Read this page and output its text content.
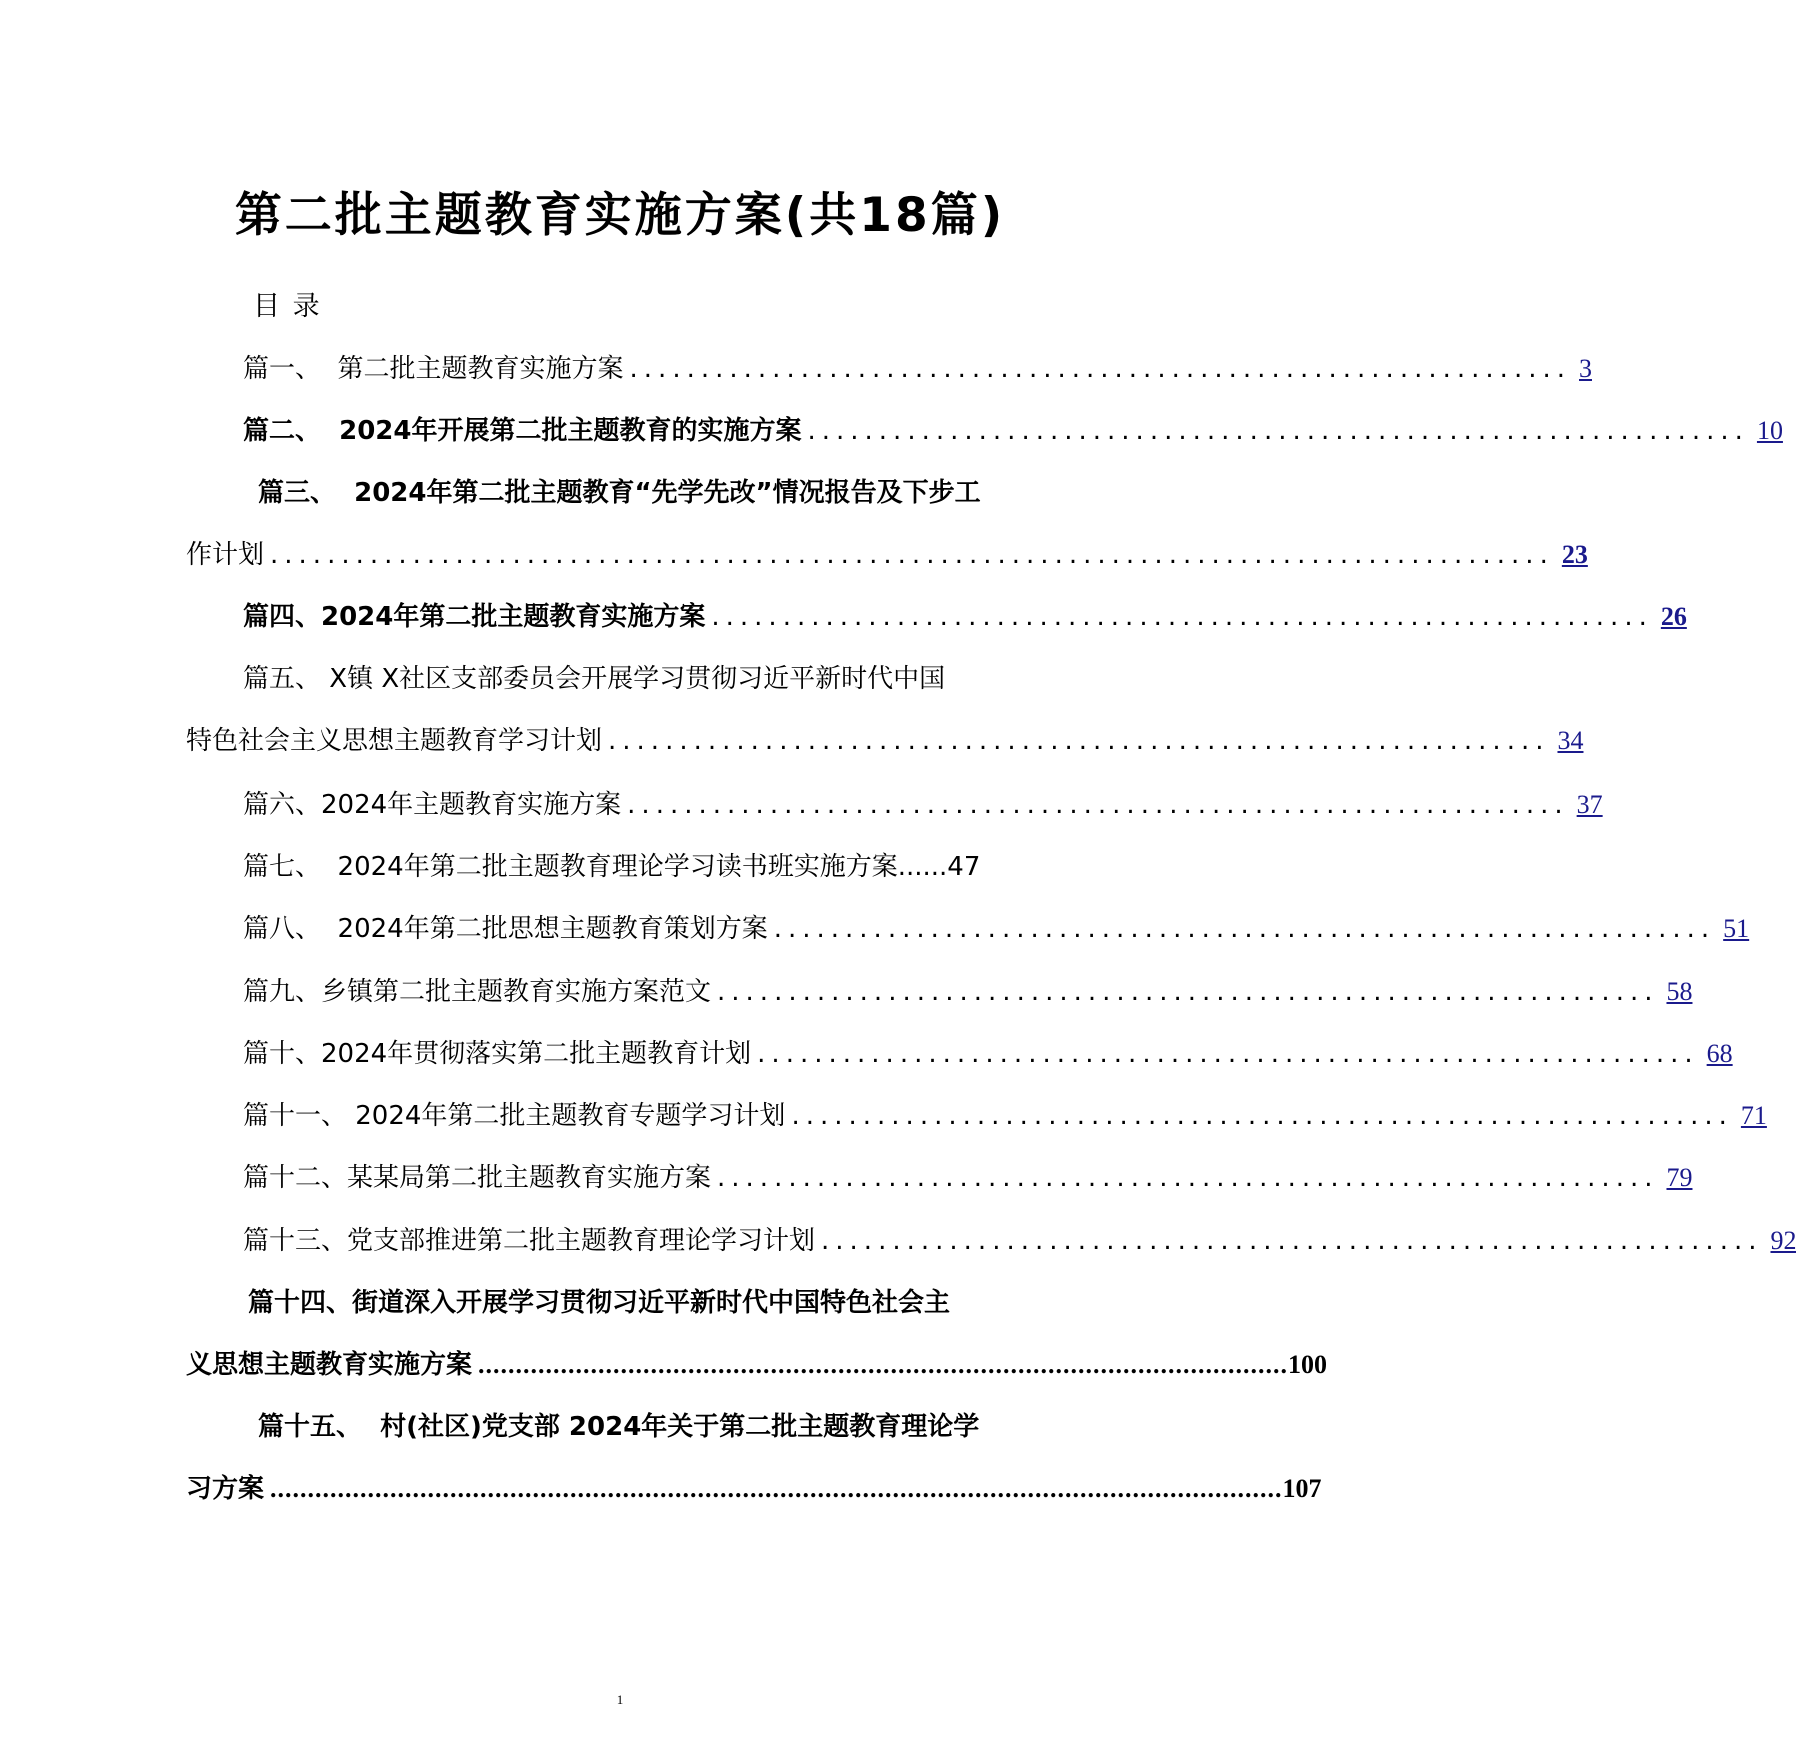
第二批主题教育实施方案(共18篇)
目 录
篇一、  第二批主题教育实施方案 .................................................................. 3
篇二、  2024年开展第二批主题教育的实施方案 .................................................................. 10
篇三、  2024年第二批主题教育“先学先改”情况报告及下步工
作计划 .......................................................................................... 23
篇四、2024年第二批主题教育实施方案 .................................................................. 26
篇五、 X镇 X社区支部委员会开展学习贯彻习近平新时代中国
特色社会主义思想主题教育学习计划 .................................................................. 34
篇六、2024年主题教育实施方案 .................................................................. 37
篇七、  2024年第二批主题教育理论学习读书班实施方案 ......47
篇八、  2024年第二批思想主题教育策划方案 .................................................................. 51
篇九、乡镇第二批主题教育实施方案范文 .................................................................. 58
篇十、2024年贯彻落实第二批主题教育计划 .................................................................. 68
篇十一、 2024年第二批主题教育专题学习计划 .................................................................. 71
篇十二、某某局第二批主题教育实施方案 .................................................................. 79
篇十三、党支部推进第二批主题教育理论学习计划 .................................................................. 92
篇十四、街道深入开展学习贯彻习近平新时代中国特色社会主
义思想主题教育实施方案 ............................................................................................................ 100
篇十五、  村(社区)党支部 2024年关于第二批主题教育理论学
习方案 ....................................................................................................................................... 107
1
